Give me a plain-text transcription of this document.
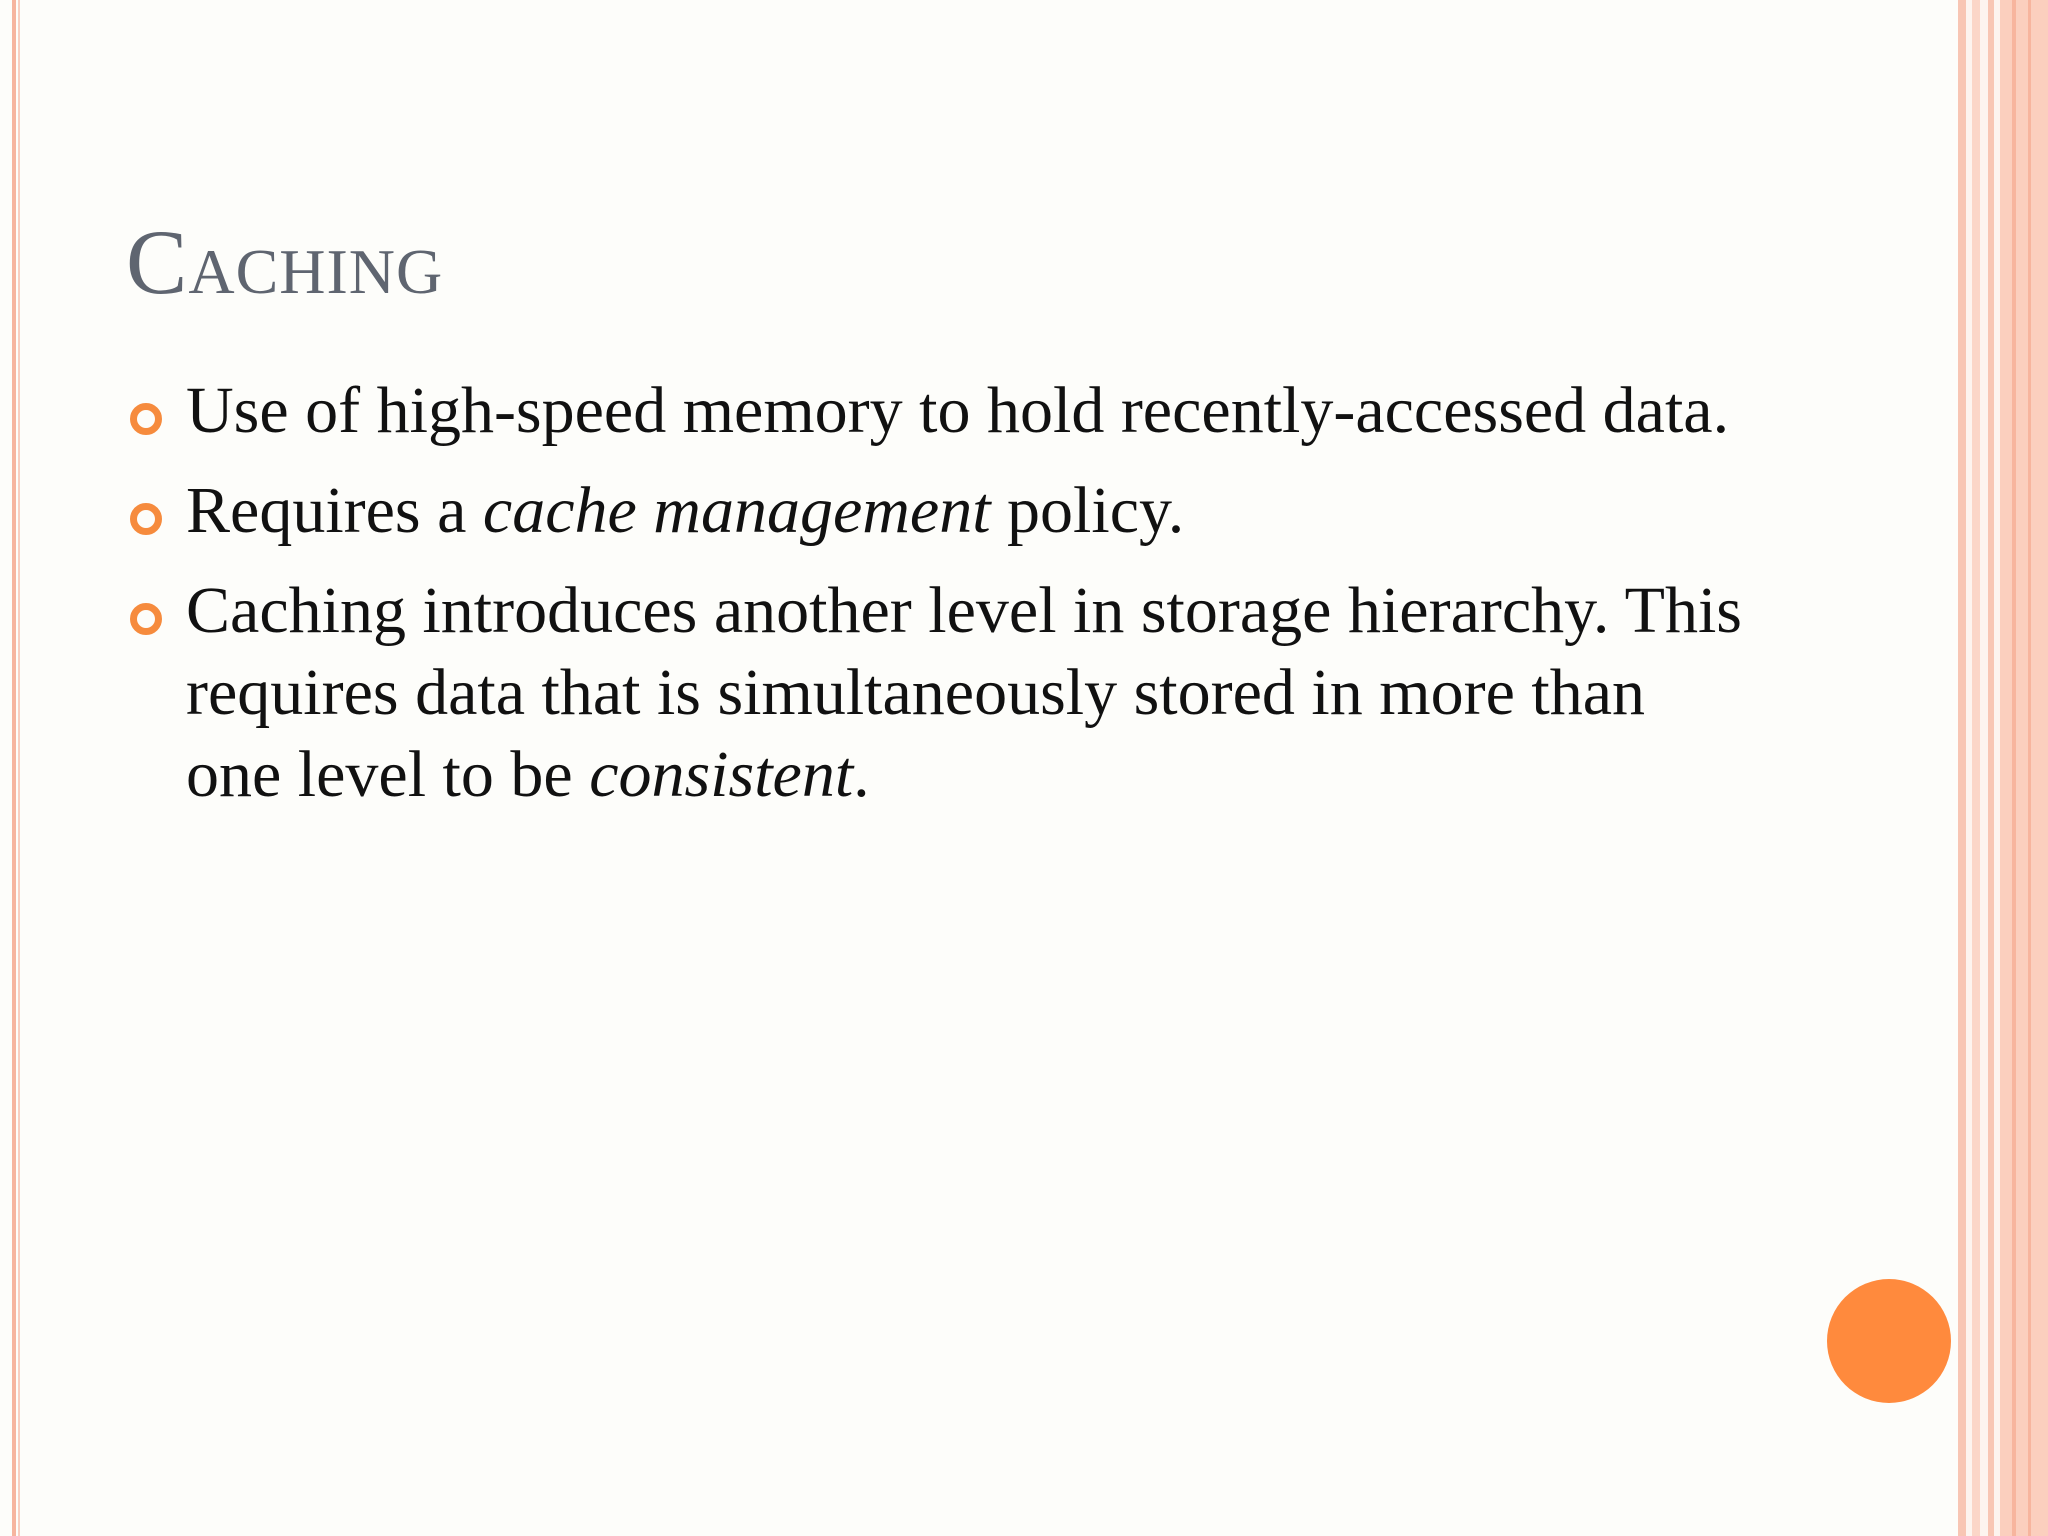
Caching
Use of high-speed memory to hold recently-accessed data.
Requires a cache management policy.
Caching introduces another level in storage hierarchy. This requires data that is simultaneously stored in more than one level to be consistent.
